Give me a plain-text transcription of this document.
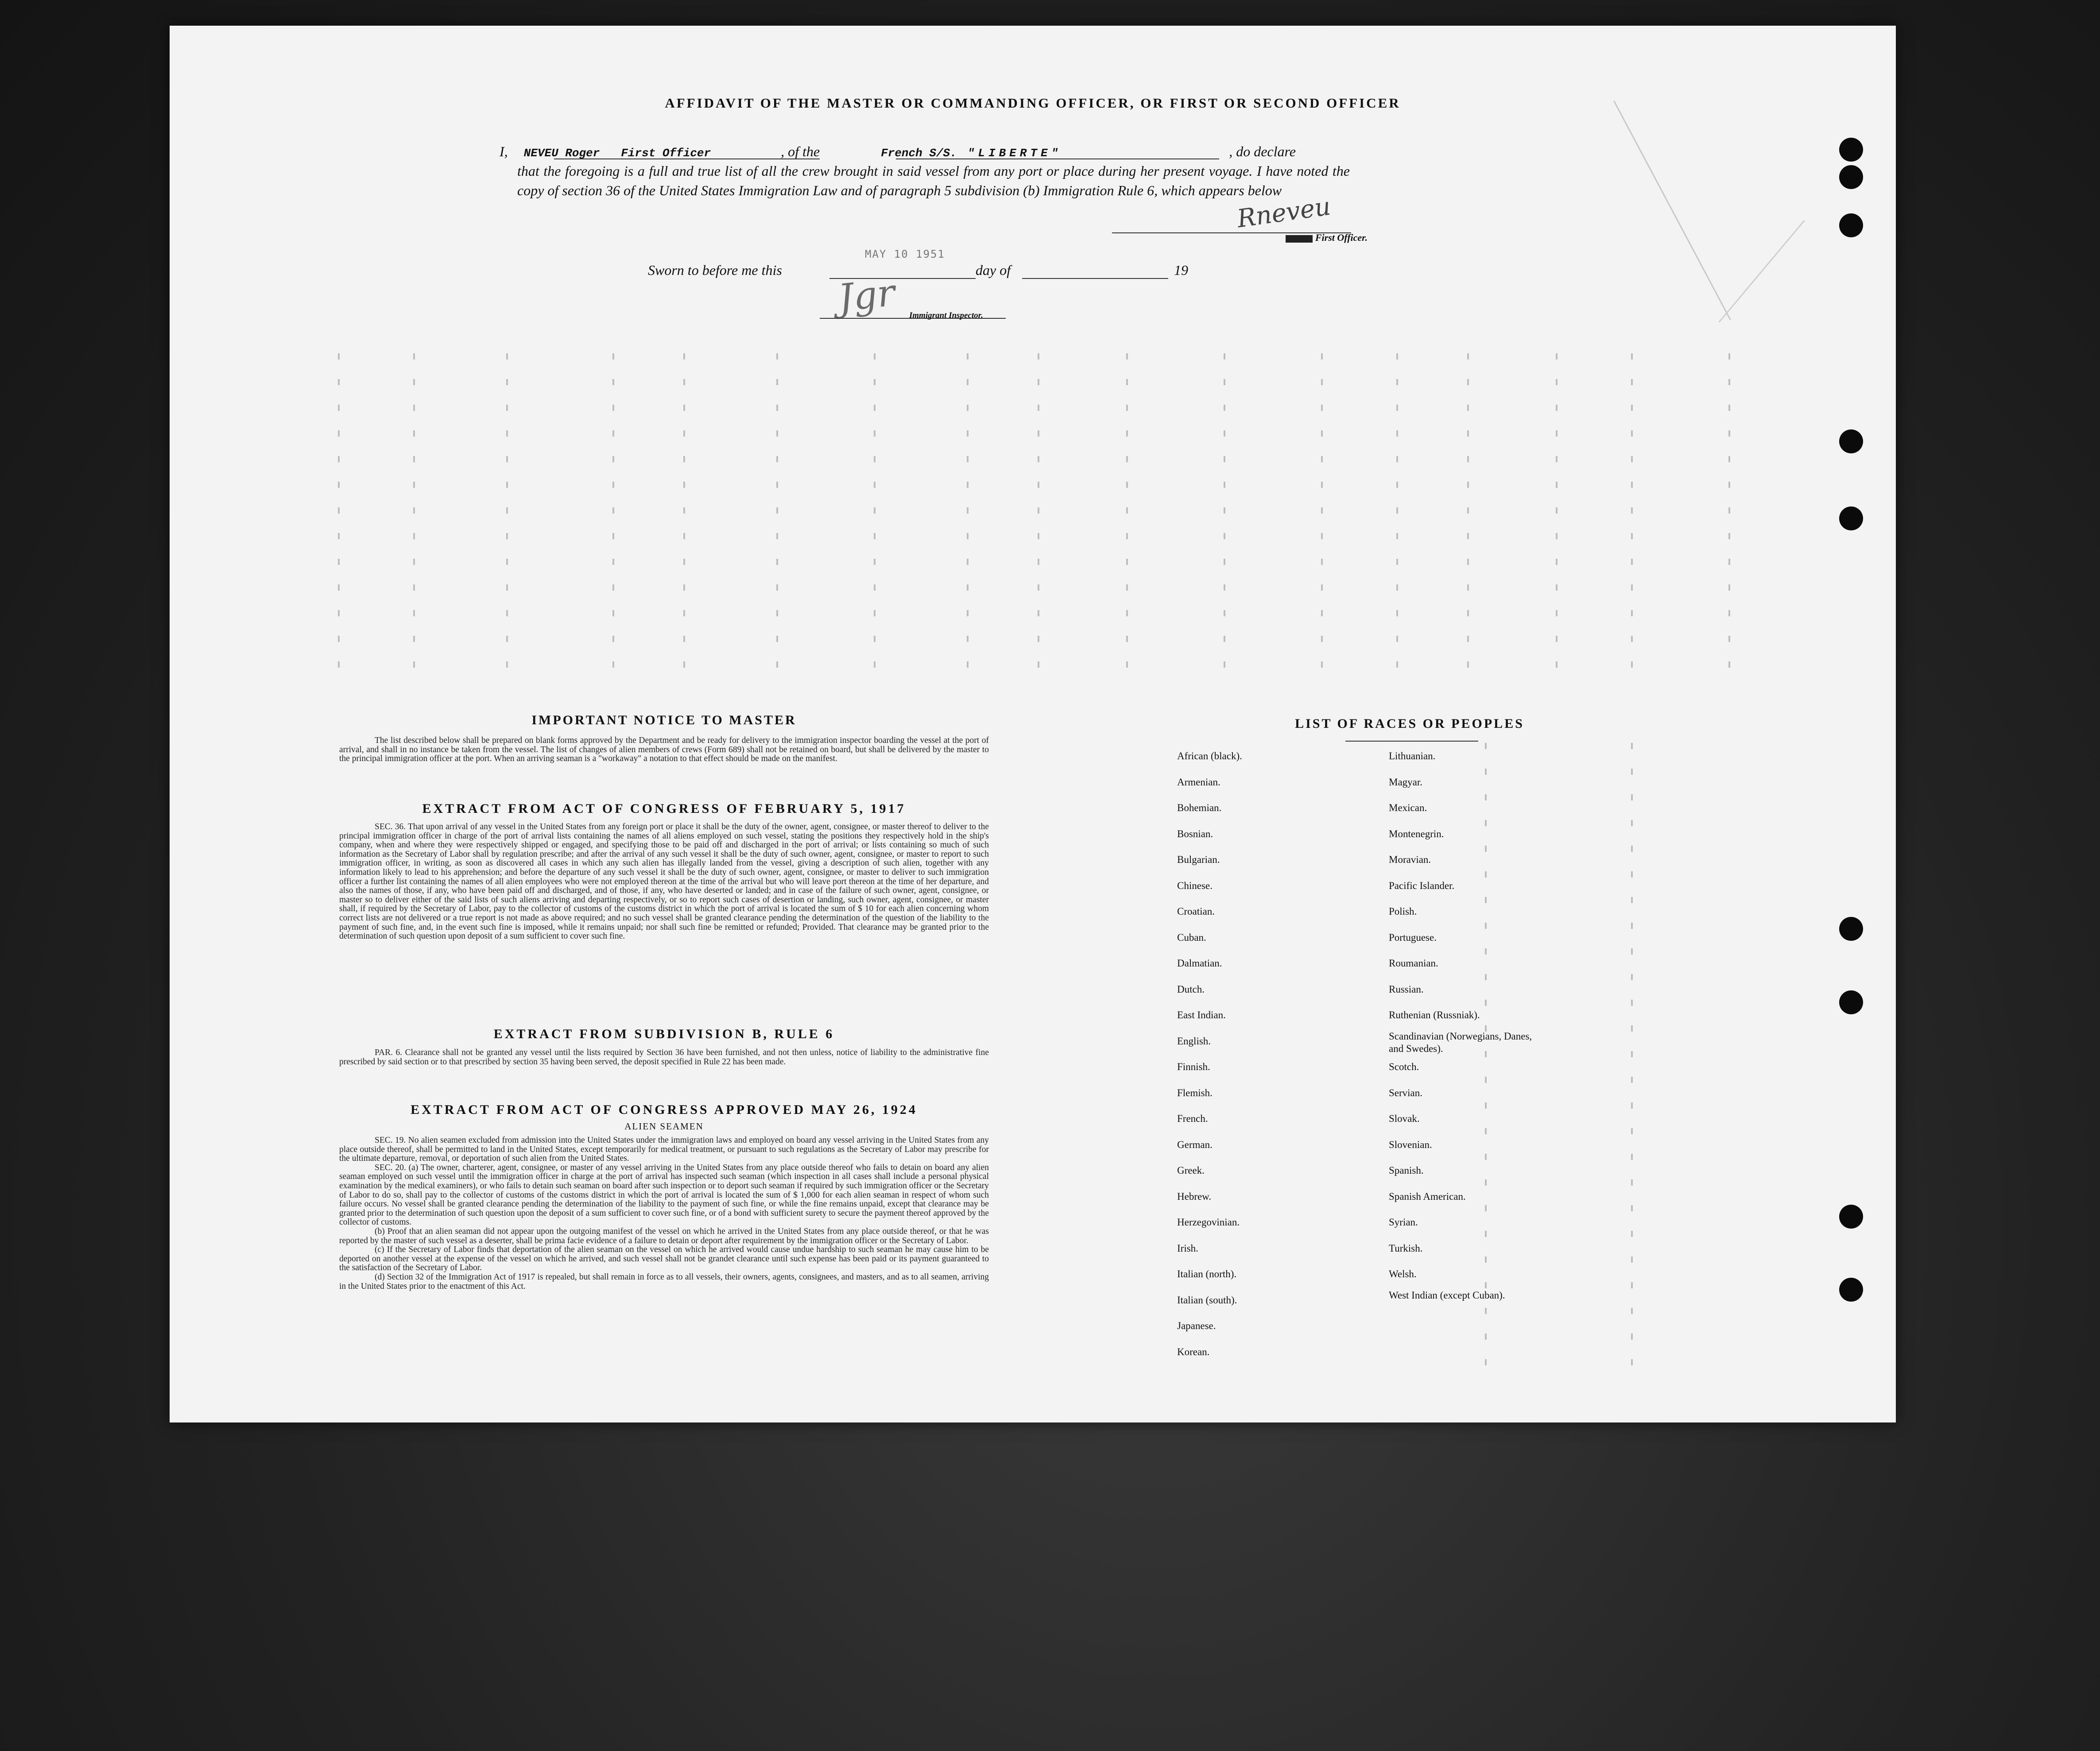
AFFIDAVIT OF THE MASTER OR COMMANDING OFFICER, OR FIRST OR SECOND OFFICER
I, NEVEU Roger First Officer	, of the	French S/S. "LIBERTE"	, do declare
that the foregoing is a full and true list of all the crew brought in said vessel from any port or place during her present voyage. I have noted the copy of section 36 of the United States Immigration Law and of paragraph 5 subdivision (b) Immigration Rule 6, which appears below
Rneveu
XXXXX First Officer.
Sworn to before me this	day of	19
MAY 10 1951
Jgr Immigrant Inspector.
IMPORTANT NOTICE TO MASTER

The list described below shall be prepared on blank forms approved by the Department and be ready for delivery to the immigration inspector boarding the vessel at the port of arrival, and shall in no instance be taken from the vessel. The list of changes of alien members of crews (Form 689) shall not be retained on board, but shall be delivered by the master to the principal immigration officer at the port. When an arriving seaman is a "workaway" a notation to that effect should be made on the manifest.

EXTRACT FROM ACT OF CONGRESS OF FEBRUARY 5, 1917

SEC. 36. That upon arrival of any vessel in the United States from any foreign port or place it shall be the duty of the owner, agent, consignee, or master thereof to deliver to the principal immigration officer in charge of the port of arrival lists containing the names of all aliens employed on such vessel, stating the positions they respectively hold in the ship's company, when and where they were respectively shipped or engaged, and specifying those to be paid off and discharged in the port of arrival; or lists containing so much of such information as the Secretary of Labor shall by regulation prescribe; and after the arrival of any such vessel it shall be the duty of such owner, agent, consignee, or master to report to such immigration officer, in writing, as soon as discovered all cases in which any such alien has illegally landed from the vessel, giving a description of such alien, together with any information likely to lead to his apprehension; and before the departure of any such vessel it shall be the duty of such owner, agent, consignee, or master to deliver to such immigration officer a further list containing the names of all alien employees who were not employed thereon at the time of the arrival but who will leave port thereon at the time of her departure, and also the names of those, if any, who have been paid off and discharged, and of those, if any, who have deserted or landed; and in case of the failure of such owner, agent, consignee, or master so to deliver either of the said lists of such aliens arriving and departing respectively, or so to report such cases of desertion or landing, such owner, agent, consignee, or master shall, if required by the Secretary of Labor, pay to the collector of customs of the customs district in which the port of arrival is located the sum of $ 10 for each alien concerning whom correct lists are not delivered or a true report is not made as above required; and no such vessel shall be granted clearance pending the determination of the question of the liability to the payment of such fine, and, in the event such fine is imposed, while it remains unpaid; nor shall such fine be remitted or refunded; Provided. That clearance may be granted prior to the determination of such question upon deposit of a sum sufficient to cover such fine.

EXTRACT FROM SUBDIVISION B, RULE 6

PAR. 6. Clearance shall not be granted any vessel until the lists required by Section 36 have been furnished, and not then unless, notice of liability to the administrative fine prescribed by said section or to that prescribed by section 35 having been served, the deposit specified in Rule 22 has been made.

EXTRACT FROM ACT OF CONGRESS APPROVED MAY 26, 1924
ALIEN SEAMEN

SEC. 19. No alien seamen excluded from admission into the United States under the immigration laws and employed on board any vessel arriving in the United States from any place outside thereof, shall be permitted to land in the United States, except temporarily for medical treatment, or pursuant to such regulations as the Secretary of Labor may prescribe for the ultimate departure, removal, or deportation of such alien from the United States.

SEC. 20. (a) The owner, charterer, agent, consignee, or master of any vessel arriving in the United States from any place outside thereof who fails to detain on board any alien seaman employed on such vessel until the immigration officer in charge at the port of arrival has inspected such seaman (which inspection in all cases shall include a personal physical examination by the medical examiners), or who fails to detain such seaman on board after such inspection or to deport such seaman if required by such immigration officer or the Secretary of Labor to do so, shall pay to the collector of customs of the customs district in which the port of arrival is located the sum of $ 1,000 for each alien seaman in respect of whom such failure occurs. No vessel shall be granted clearance pending the determination of the liability to the payment of such fine, or while the fine remains unpaid, except that clearance may be granted prior to the determination of such question upon the deposit of a sum sufficient to cover such fine, or of a bond with sufficient surety to secure the payment thereof approved by the collector of customs.

(b) Proof that an alien seaman did not appear upon the outgoing manifest of the vessel on which he arrived in the United States from any place outside thereof, or that he was reported by the master of such vessel as a deserter, shall be prima facie evidence of a failure to detain or deport after requirement by the immigration officer or the Secretary of Labor.

(c) If the Secretary of Labor finds that deportation of the alien seaman on the vessel on which he arrived would cause undue hardship to such seaman he may cause him to be deported on another vessel at the expense of the vessel on which he arrived, and such vessel shall not be grandet clearance until such expense has been paid or its payment guaranteed to the satisfaction of the Secretary of Labor.

(d) Section 32 of the Immigration Act of 1917 is repealed, but shall remain in force as to all vessels, their owners, agents, consignees, and masters, and as to all seamen, arriving in the United States prior to the enactment of this Act.

LIST OF RACES OR PEOPLES
African (black).
Armenian.
Bohemian.
Bosnian.
Bulgarian.
Chinese.
Croatian.
Cuban.
Dalmatian.
Dutch.
East Indian.
English.
Finnish.
Flemish.
French.
German.
Greek.
Hebrew.
Herzegovinian.
Irish.
Italian (north).
Italian (south).
Japanese.
Korean.
Lithuanian.
Magyar.
Mexican.
Montenegrin.
Moravian.
Pacific Islander.
Polish.
Portuguese.
Roumanian.
Russian.
Ruthenian (Russniak).
Scandinavian (Norwegians, Danes, and Swedes).
Scotch.
Servian.
Slovak.
Slovenian.
Spanish.
Spanish American.
Syrian.
Turkish.
Welsh.
West Indian (except Cuban).
